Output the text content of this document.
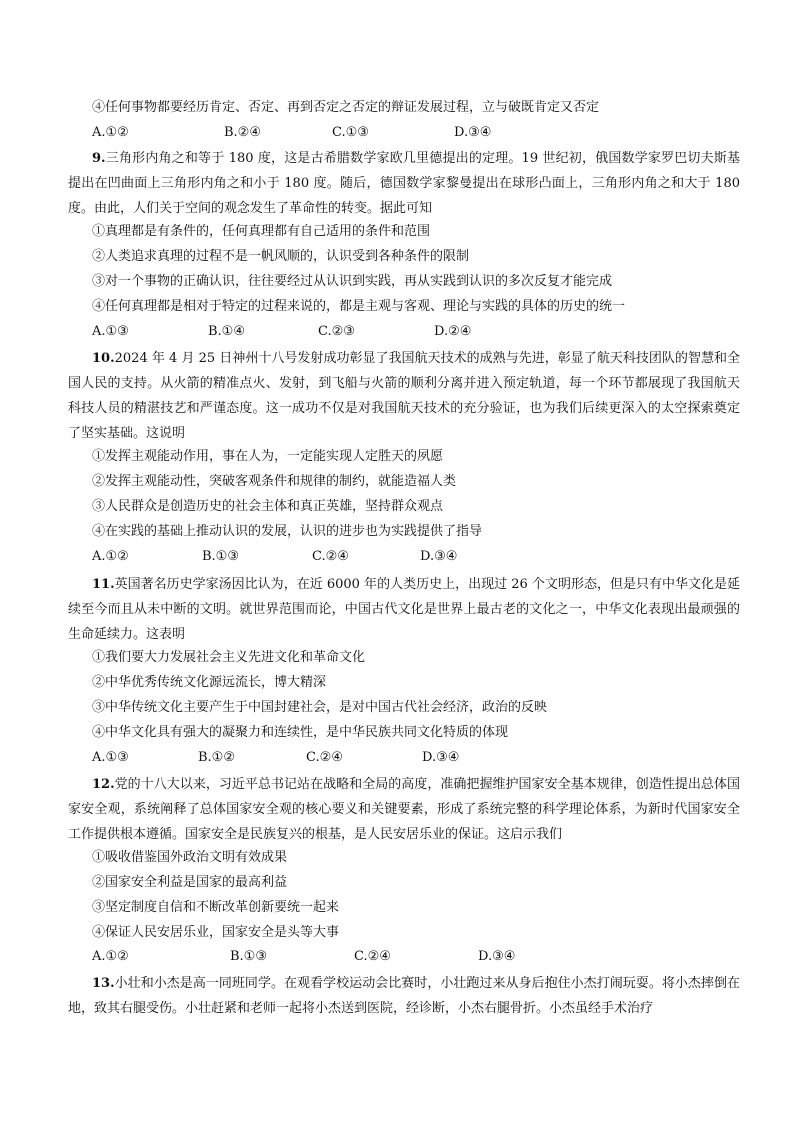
④任何事物都要经历肯定、否定、再到否定之否定的辩证发展过程，立与破既肯定又否定
A.①②	B.②④	C.①③	D.③④
9.三角形内角之和等于 180 度，这是古希腊数学家欧几里德提出的定理。19 世纪初，俄国数学家罗巴切夫斯基提出在凹曲面上三角形内角之和小于 180 度。随后，德国数学家黎曼提出在球形凸面上，三角形内角之和大于 180 度。由此，人们关于空间的观念发生了革命性的转变。据此可知
①真理都是有条件的，任何真理都有自己适用的条件和范围
②人类追求真理的过程不是一帆风顺的，认识受到各种条件的限制
③对一个事物的正确认识，往往要经过从认识到实践，再从实践到认识的多次反复才能完成
④任何真理都是相对于特定的过程来说的，都是主观与客观、理论与实践的具体的历史的统一
A.①③	B.①④	C.②③	D.②④
10.2024 年 4 月 25 日神州十八号发射成功彰显了我国航天技术的成熟与先进，彰显了航天科技团队的智慧和全国人民的支持。从火箭的精准点火、发射，到飞船与火箭的顺利分离并进入预定轨道，每一个环节都展现了我国航天科技人员的精湛技艺和严谨态度。这一成功不仅是对我国航天技术的充分验证，也为我们后续更深入的太空探索奠定了坚实基础。这说明
①发挥主观能动作用，事在人为，一定能实现人定胜天的夙愿
②发挥主观能动性，突破客观条件和规律的制约，就能造福人类
③人民群众是创造历史的社会主体和真正英雄，坚持群众观点
④在实践的基础上推动认识的发展，认识的进步也为实践提供了指导
A.①②	B.①③	C.②④	D.③④
11.英国著名历史学家汤因比认为，在近 6000 年的人类历史上，出现过 26 个文明形态，但是只有中华文化是延续至今而且从未中断的文明。就世界范围而论，中国古代文化是世界上最古老的文化之一，中华文化表现出最顽强的生命延续力。这表明
①我们要大力发展社会主义先进文化和革命文化
②中华优秀传统文化源远流长，博大精深
③中华传统文化主要产生于中国封建社会，是对中国古代社会经济，政治的反映
④中华文化具有强大的凝聚力和连续性，是中华民族共同文化特质的体现
A.①③	B.①②	C.②④	D.③④
12.党的十八大以来，习近平总书记站在战略和全局的高度，准确把握维护国家安全基本规律，创造性提出总体国家安全观，系统阐释了总体国家安全观的核心要义和关键要素，形成了系统完整的科学理论体系，为新时代国家安全工作提供根本遵循。国家安全是民族复兴的根基，是人民安居乐业的保证。这启示我们
①吸收借鉴国外政治文明有效成果
②国家安全利益是国家的最高利益
③坚定制度自信和不断改革创新要统一起来
④保证人民安居乐业，国家安全是头等大事
A.①②	B.①③	C.②④	D.③④
13.小壮和小杰是高一同班同学。在观看学校运动会比赛时，小壮跑过来从身后抱住小杰打闹玩耍。将小杰摔倒在地，致其右腿受伤。小壮赶紧和老师一起将小杰送到医院，经诊断，小杰右腿骨折。小杰虽经手术治疗
